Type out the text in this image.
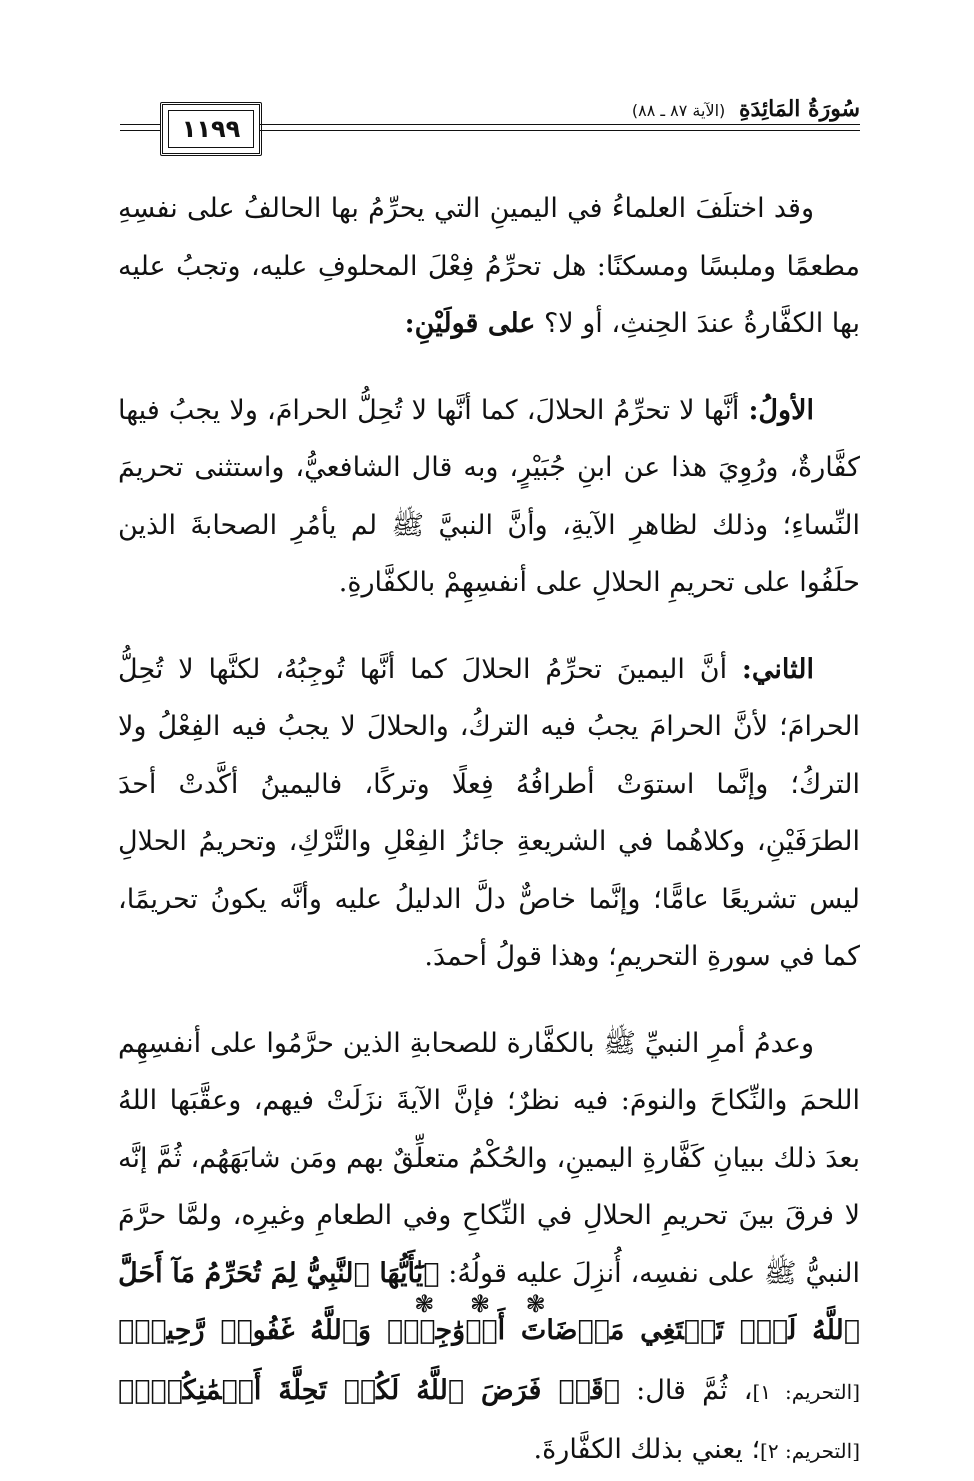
١١٩٩
سُورَةُ المَائِدَةِ (الآية ٨٧ ـ ٨٨)

وقد اختلَفَ العلماءُ في اليمينِ التي يحرِّمُ بها الحالفُ على نفسِهِ مطعمًا وملبسًا ومسكنًا: هل تحرِّمُ فِعْلَ المحلوفِ عليه، وتجبُ عليه بها الكفَّارةُ عندَ الحِنثِ، أو لا؟ على قولَيْنِ:

الأولُ: أنَّها لا تحرِّمُ الحلالَ، كما أنَّها لا تُحِلُّ الحرامَ، ولا يجبُ فيها كفَّارةٌ، ورُوِيَ هذا عن ابنِ جُبَيْرٍ، وبه قال الشافعيُّ، واستثنى تحريمَ النِّساءِ؛ وذلك لظاهرِ الآيةِ، وأنَّ النبيَّ ﷺ لم يأمُرِ الصحابةَ الذين حلَفُوا على تحريمِ الحلالِ على أنفسِهِمْ بالكفَّارةِ.

الثاني: أنَّ اليمينَ تحرِّمُ الحلالَ كما أنَّها تُوجِبُهُ، لكنَّها لا تُحِلُّ الحرامَ؛ لأنَّ الحرامَ يجبُ فيه التركُ، والحلالَ لا يجبُ فيه الفِعْلُ ولا التركُ؛ وإنَّما استوَتْ أطرافُهُ فِعلًا وتركًا، فاليمينُ أكَّدتْ أحدَ الطرَفَيْنِ، وكلاهُما في الشريعةِ جائزُ الفِعْلِ والتَّرْكِ، وتحريمُ الحلالِ ليس تشريعًا عامًّا؛ وإنَّما خاصٌّ دلَّ الدليلُ عليه وأنَّه يكونُ تحريمًا، كما في سورةِ التحريمِ؛ وهذا قولُ أحمدَ.

وعدمُ أمرِ النبيِّ ﷺ بالكفَّارة للصحابةِ الذين حرَّمُوا على أنفسِهِم اللحمَ والنِّكاحَ والنومَ: فيه نظرٌ؛ فإنَّ الآيةَ نزَلَتْ فيهم، وعقَّبَها اللهُ بعدَ ذلك ببيانِ كَفَّارةِ اليمينِ، والحُكْمُ متعلِّقٌ بهم ومَن شابَهَهُم، ثُمَّ إنَّه لا فرقَ بينَ تحريمِ الحلالِ في النِّكاحِ وفي الطعامِ وغيرِه، ولمَّا حرَّمَ النبيُّ ﷺ على نفسِه، أُنزِلَ عليه قولُهُ: ﴿يَٰٓأَيُّهَا ٱلنَّبِيُّ لِمَ تُحَرِّمُ مَآ أَحَلَّ ٱللَّهُ لَكَۖ تَبۡتَغِي مَرۡضَاتَ أَزۡوَٰجِكَۚ وَٱللَّهُ غَفُورٞ رَّحِيمٞ﴾ [التحريم: ١]، ثُمَّ قال: ﴿قَدۡ فَرَضَ ٱللَّهُ لَكُمۡ تَحِلَّةَ أَيۡمَٰنِكُمۡۚ﴾ [التحريم: ٢]؛ يعني بذلك الكفَّارةَ.

❃ ❃ ❃
